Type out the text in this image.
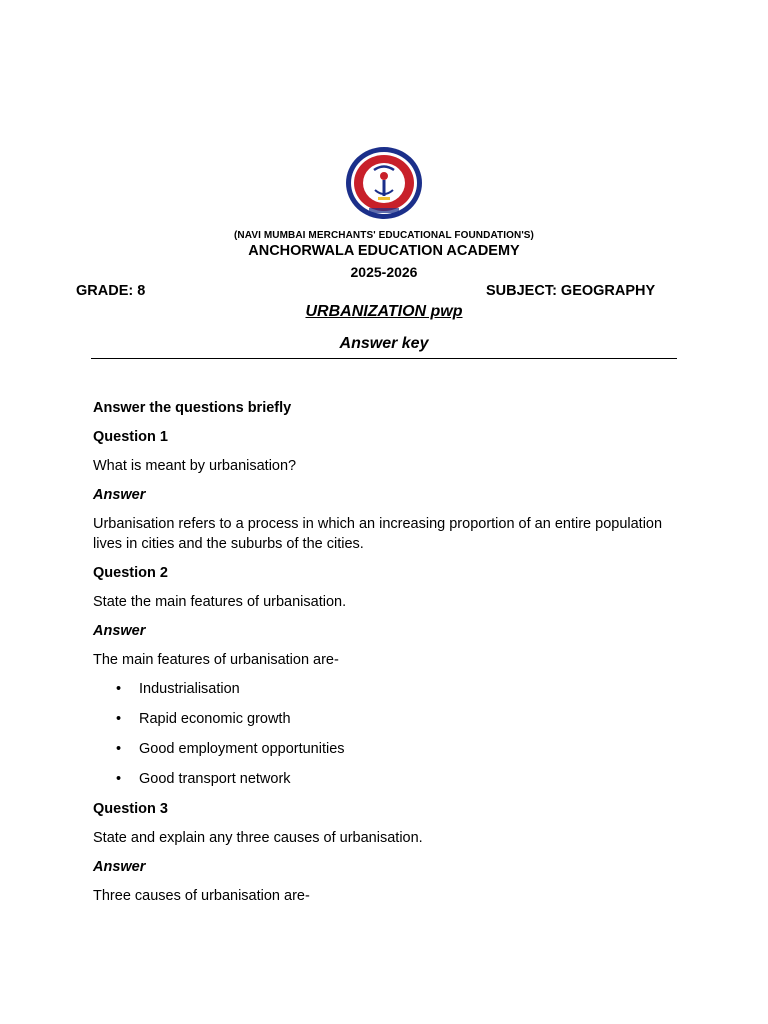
(NAVI MUMBAI MERCHANTS' EDUCATIONAL FOUNDATION'S)
ANCHORWALA EDUCATION ACADEMY
2025-2026
GRADE: 8	SUBJECT: GEOGRAPHY
URBANIZATION pwp
Answer key

Answer the questions briefly

Question 1

What is meant by urbanisation?

Answer

Urbanisation refers to a process in which an increasing proportion of an entire population lives in cities and the suburbs of the cities.

Question 2

State the main features of urbanisation.

Answer

The main features of urbanisation are-

• Industrialisation
• Rapid economic growth
• Good employment opportunities
• Good transport network

Question 3

State and explain any three causes of urbanisation.

Answer

Three causes of urbanisation are-
